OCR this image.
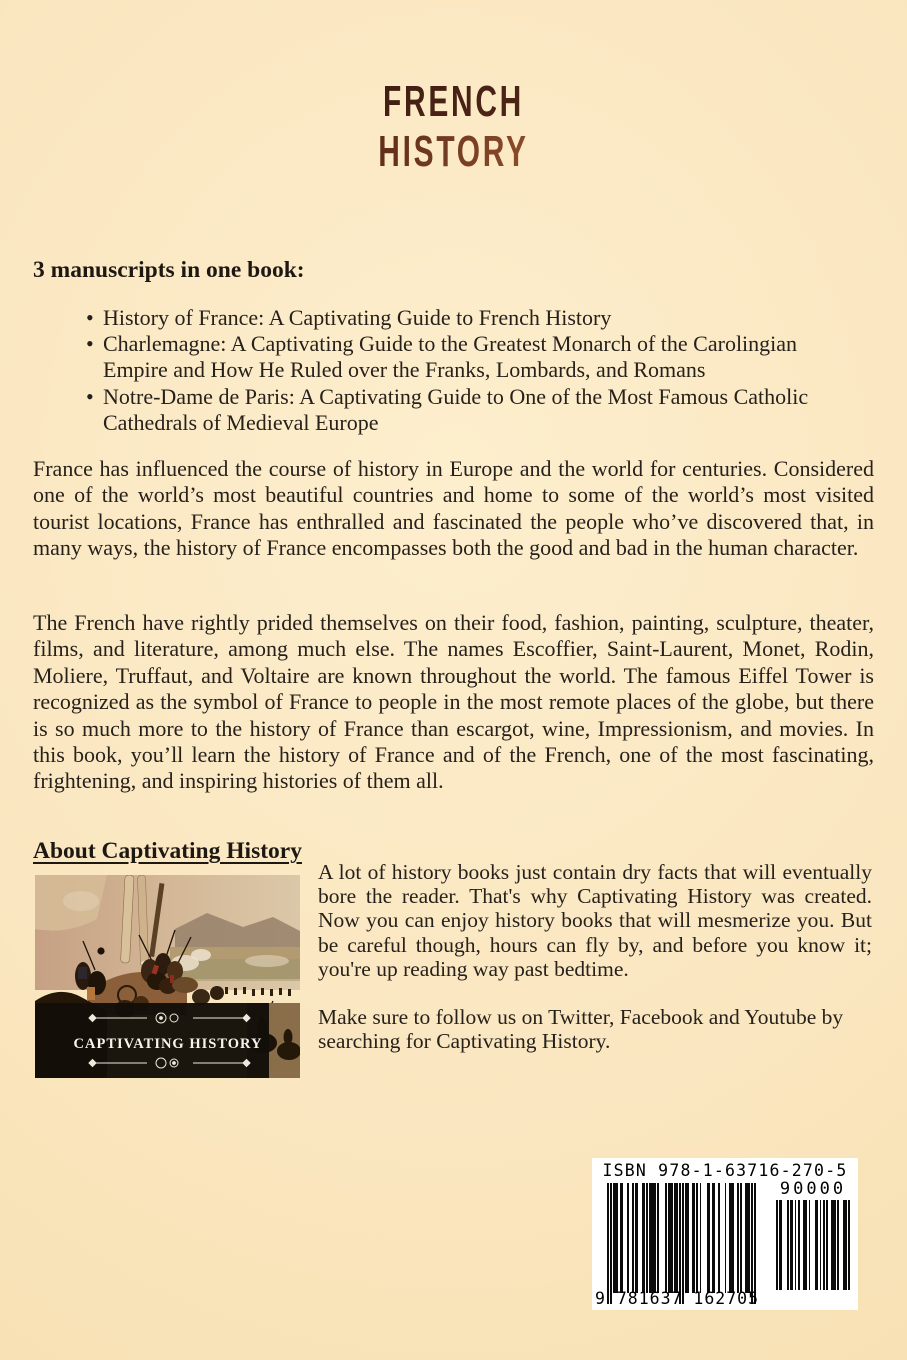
FRENCH
HISTORY
3 manuscripts in one book:
• History of France: A Captivating Guide to French History
• Charlemagne: A Captivating Guide to the Greatest Monarch of the Carolingian Empire and How He Ruled over the Franks, Lombards, and Romans
• Notre-Dame de Paris: A Captivating Guide to One of the Most Famous Catholic Cathedrals of Medieval Europe

France has influenced the course of history in Europe and the world for centuries. Considered one of the world’s most beautiful countries and home to some of the world’s most visited tourist locations, France has enthralled and fascinated the people who’ve discovered that, in many ways, the history of France encompasses both the good and bad in the human character.

The French have rightly prided themselves on their food, fashion, painting, sculpture, theater, films, and literature, among much else. The names Escoffier, Saint-Laurent, Monet, Rodin, Moliere, Truffaut, and Voltaire are known throughout the world. The famous Eiffel Tower is recognized as the symbol of France to people in the most remote places of the globe, but there is so much more to the history of France than escargot, wine, Impressionism, and movies. In this book, you’ll learn the history of France and of the French, one of the most fascinating, frightening, and inspiring histories of them all.

About Captivating History
CAPTIVATING HISTORY

A lot of history books just contain dry facts that will eventually bore the reader. That's why Captivating History was created. Now you can enjoy history books that will mesmerize you. But be careful though, hours can fly by, and before you know it; you're up reading way past bedtime.

Make sure to follow us on Twitter, Facebook and Youtube by searching for Captivating History.

ISBN 978-1-63716-270-5
90000
9 781637 162705
